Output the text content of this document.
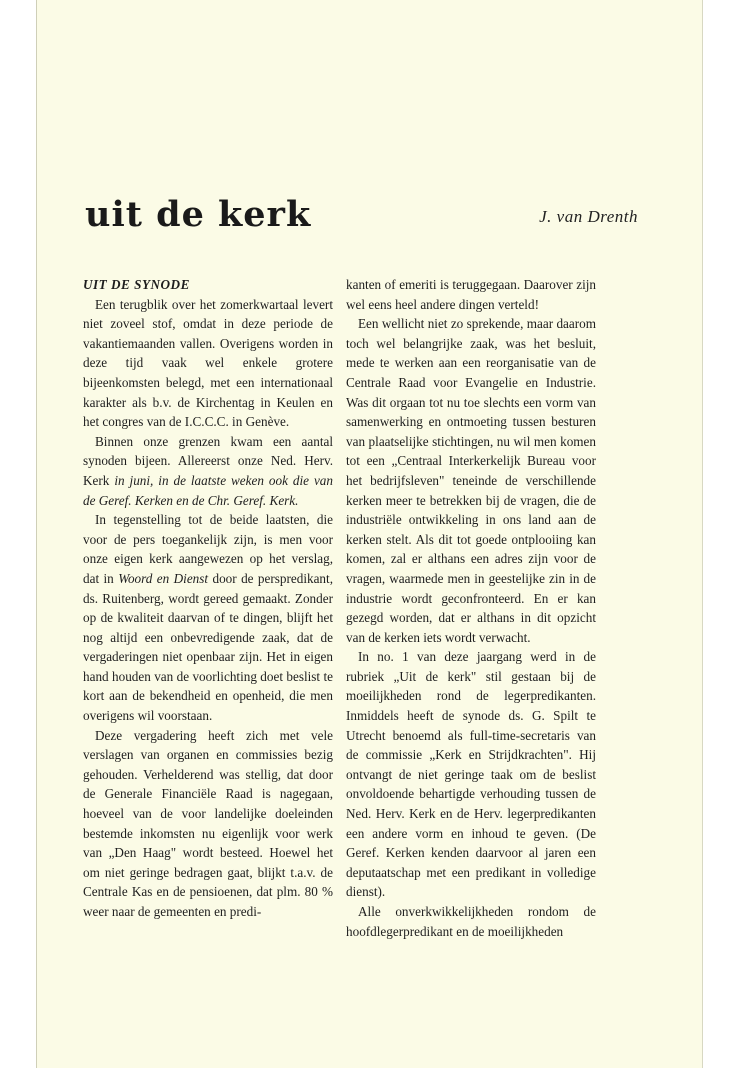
uit de kerk	J. van Drenth

UIT DE SYNODE

Een terugblik over het zomerkwartaal levert niet zoveel stof, omdat in deze periode de vakantiemaanden vallen. Overigens worden in deze tijd vaak wel enkele grotere bijeenkomsten belegd, met een internationaal karakter als b.v. de Kirchentag in Keulen en het congres van de I.C.C.C. in Genève.

Binnen onze grenzen kwam een aantal synoden bijeen. Allereerst onze Ned. Herv. Kerk in juni, in de laatste weken ook die van de Geref. Kerken en de Chr. Geref. Kerk.

In tegenstelling tot de beide laatsten, die voor de pers toegankelijk zijn, is men voor onze eigen kerk aangewezen op het verslag, dat in Woord en Dienst door de perspredikant, ds. Ruitenberg, wordt gereed gemaakt. Zonder op de kwaliteit daarvan of te dingen, blijft het nog altijd een onbevredigende zaak, dat de vergaderingen niet openbaar zijn. Het in eigen hand houden van de voorlichting doet beslist te kort aan de bekendheid en openheid, die men overigens wil voorstaan.

Deze vergadering heeft zich met vele verslagen van organen en commissies bezig gehouden. Verhelderend was stellig, dat door de Generale Financiële Raad is nagegaan, hoeveel van de voor landelijke doeleinden bestemde inkomsten nu eigenlijk voor werk van „Den Haag" wordt besteed. Hoewel het om niet geringe bedragen gaat, blijkt t.a.v. de Centrale Kas en de pensioenen, dat plm. 80 % weer naar de gemeenten en predi-

kanten of emeriti is teruggegaan. Daarover zijn wel eens heel andere dingen verteld!

Een wellicht niet zo sprekende, maar daarom toch wel belangrijke zaak, was het besluit, mede te werken aan een reorganisatie van de Centrale Raad voor Evangelie en Industrie. Was dit orgaan tot nu toe slechts een vorm van samenwerking en ontmoeting tussen besturen van plaatselijke stichtingen, nu wil men komen tot een „Centraal Interkerkelijk Bureau voor het bedrijfsleven" teneinde de verschillende kerken meer te betrekken bij de vragen, die de industriële ontwikkeling in ons land aan de kerken stelt. Als dit tot goede ontplooiing kan komen, zal er althans een adres zijn voor de vragen, waarmede men in geestelijke zin in de industrie wordt geconfronteerd. En er kan gezegd worden, dat er althans in dit opzicht van de kerken iets wordt verwacht.

In no. 1 van deze jaargang werd in de rubriek „Uit de kerk" stil gestaan bij de moeilijkheden rond de legerpredikanten. Inmiddels heeft de synode ds. G. Spilt te Utrecht benoemd als full-time-secretaris van de commissie „Kerk en Strijdkrachten". Hij ontvangt de niet geringe taak om de beslist onvoldoende behartigde verhouding tussen de Ned. Herv. Kerk en de Herv. legerpredikanten een andere vorm en inhoud te geven. (De Geref. Kerken kenden daarvoor al jaren een deputaatschap met een predikant in volledige dienst).

Alle onverkwikkelijkheden rondom de hoofdlegerpredikant en de moeilijkheden
